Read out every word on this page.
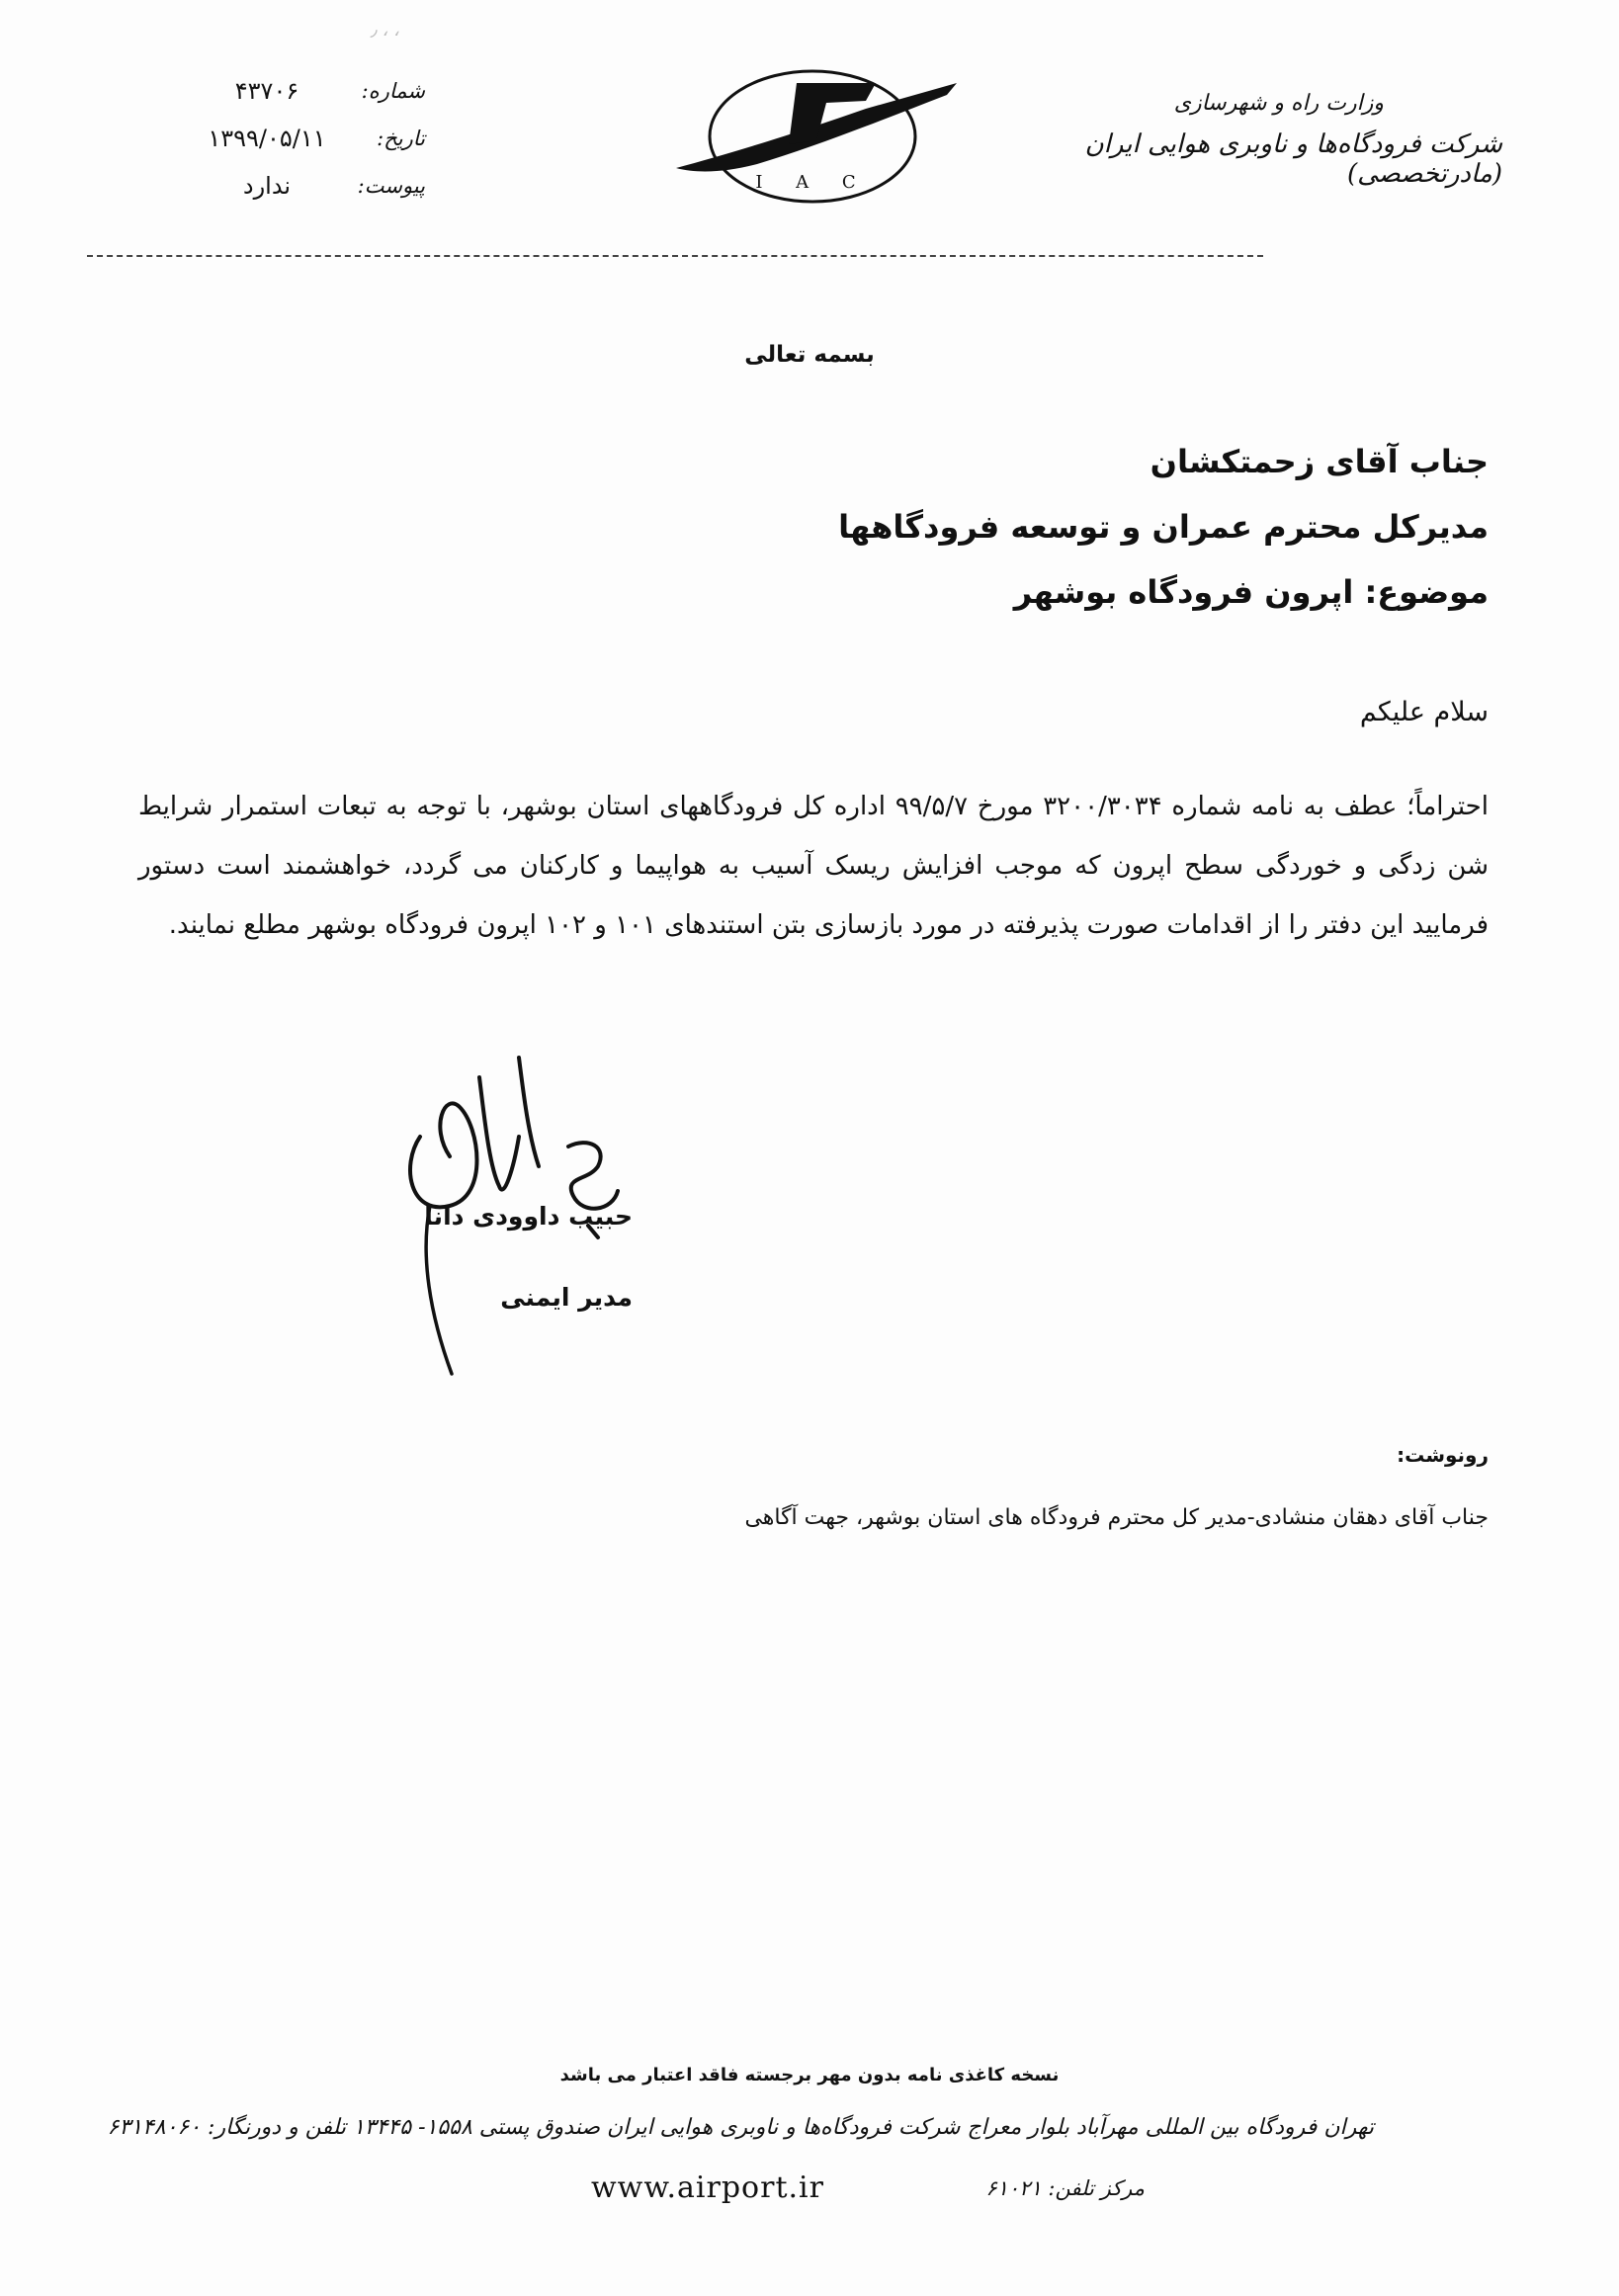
٫ ، ،
۴۳۷۰۶	شماره:
۱۳۹۹/۰۵/۱۱	تاریخ:
ندارد	پیوست:	I A C
وزارت راه و شهرسازی
شرکت فرودگاه‌ها و ناوبری هوایی ایران (مادرتخصصی)
بسمه تعالی
جناب آقای زحمتکشان
مدیرکل محترم عمران و توسعه فرودگاهها
موضوع: اپرون فرودگاه بوشهر
سلام علیکم
احتراماً؛ عطف به نامه شماره ۳۲۰۰/۳۰۳۴ مورخ ۹۹/۵/۷ اداره کل فرودگاههای استان بوشهر، با توجه به تبعات استمرار شرایط شن زدگی و خوردگی سطح اپرون که موجب افزایش ریسک آسیب به هواپیما و کارکنان می گردد، خواهشمند است دستور فرمایید این دفتر را از اقدامات صورت پذیرفته در مورد بازسازی بتن استندهای ۱۰۱ و ۱۰۲ اپرون فرودگاه بوشهر مطلع نمایند.
حبیب داوودی دانا
مدیر ایمنی
رونوشت:
جناب آقای دهقان منشادی-مدیر کل محترم فرودگاه های استان بوشهر، جهت آگاهی
نسخه کاغذی نامه بدون مهر برجسته فاقد اعتبار می باشد
تهران فرودگاه بین المللی مهرآباد بلوار معراج شرکت فرودگاه‌ها و ناوبری هوایی ایران صندوق پستی ۱۵۵۸- ۱۳۴۴۵ تلفن و دورنگار: ۶۳۱۴۸۰۶۰
www.airport.ir	مرکز تلفن: ۶۱۰۲۱
